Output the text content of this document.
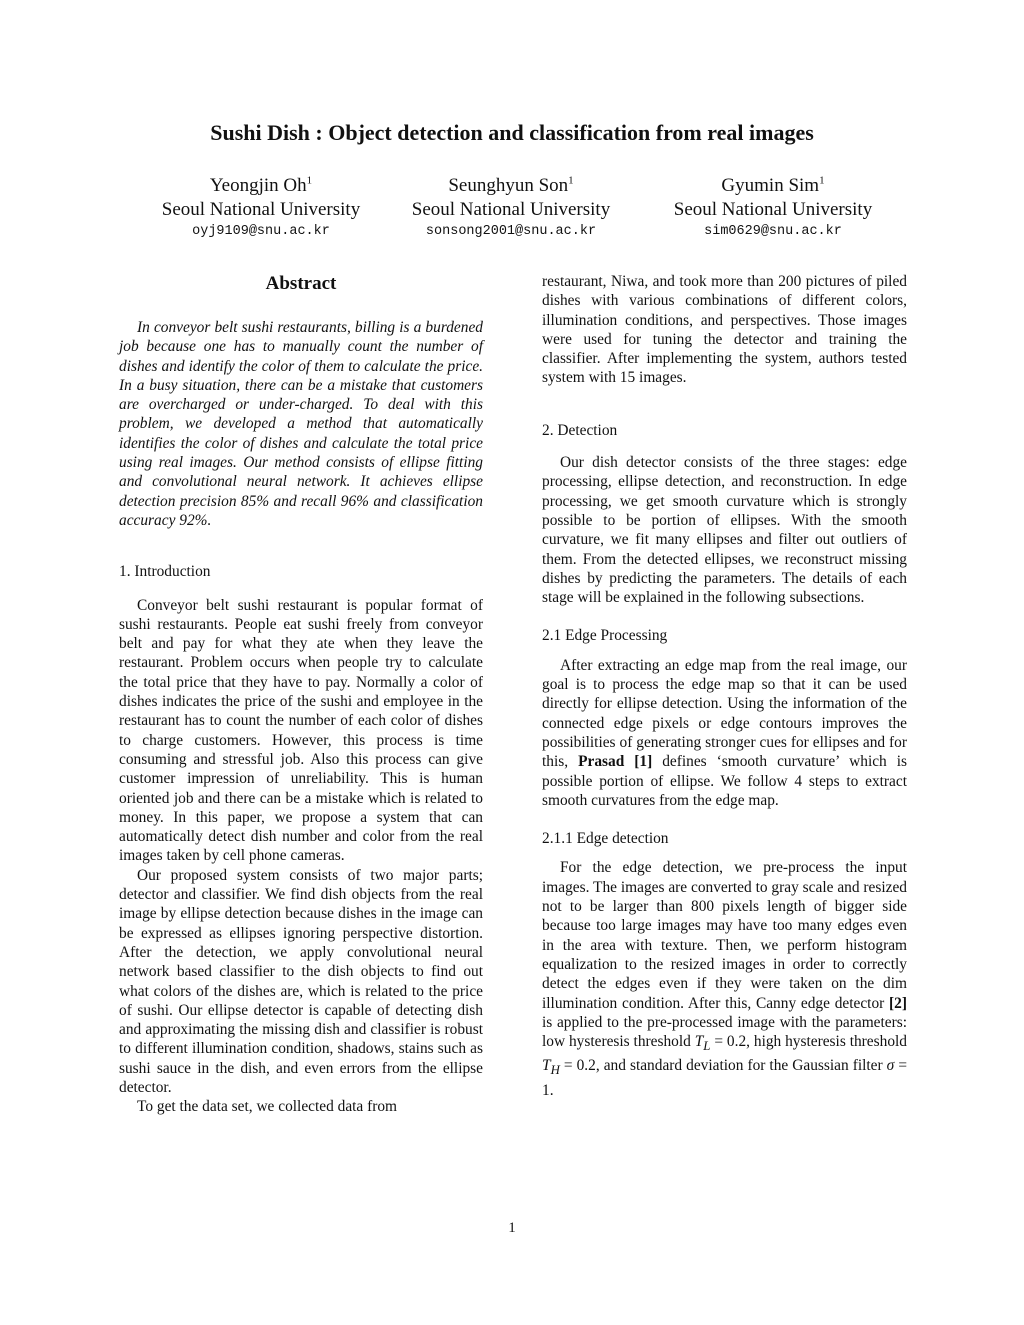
Sushi Dish : Object detection and classification from real images
Yeongjin Oh$^1$
Seoul National University
oyj9109@snu.ac.kr
Seunghyun Son$^1$
Seoul National University
sonsong2001@snu.ac.kr
Gyumin Sim$^1$
Seoul National University
sim0629@snu.ac.kr
Abstract

In conveyor belt sushi restaurants, billing is a burdened job because one has to manually count the number of dishes and identify the color of them to calculate the price. In a busy situation, there can be a mistake that customers are overcharged or under-charged. To deal with this problem, we developed a method that automatically identifies the color of dishes and calculate the total price using real images. Our method consists of ellipse fitting and convolutional neural network. It achieves ellipse detection precision 85% and recall 96% and classification accuracy 92%.

1. Introduction

Conveyor belt sushi restaurant is popular format of sushi restaurants. People eat sushi freely from conveyor belt and pay for what they ate when they leave the restaurant. Problem occurs when people try to calculate the total price that they have to pay. Normally a color of dishes indicates the price of the sushi and employee in the restaurant has to count the number of each color of dishes to charge customers. However, this process is time consuming and stressful job. Also this process can give customer impression of unreliability. This is human oriented job and there can be a mistake which is related to money. In this paper, we propose a system that can automatically detect dish number and color from the real images taken by cell phone cameras.

Our proposed system consists of two major parts; detector and classifier. We find dish objects from the real image by ellipse detection because dishes in the image can be expressed as ellipses ignoring perspective distortion. After the detection, we apply convolutional neural network based classifier to the dish objects to find out what colors of the dishes are, which is related to the price of sushi. Our ellipse detector is capable of detecting dish and approximating the missing dish and classifier is robust to different illumination condition, shadows, stains such as sushi sauce in the dish, and even errors from the ellipse detector.

To get the data set, we collected data from

restaurant, Niwa, and took more than 200 pictures of piled dishes with various combinations of different colors, illumination conditions, and perspectives. Those images were used for tuning the detector and training the classifier. After implementing the system, authors tested system with 15 images.

2. Detection

Our dish detector consists of the three stages: edge processing, ellipse detection, and reconstruction. In edge processing, we get smooth curvature which is strongly possible to be portion of ellipses. With the smooth curvature, we fit many ellipses and filter out outliers of them. From the detected ellipses, we reconstruct missing dishes by predicting the parameters. The details of each stage will be explained in the following subsections.

2.1 Edge Processing

After extracting an edge map from the real image, our goal is to process the edge map so that it can be used directly for ellipse detection. Using the information of the connected edge pixels or edge contours improves the possibilities of generating stronger cues for ellipses and for this, Prasad [1] defines ‘smooth curvature’ which is possible portion of ellipse. We follow 4 steps to extract smooth curvatures from the edge map.

2.1.1 Edge detection

For the edge detection, we pre-process the input images. The images are converted to gray scale and resized not to be larger than 800 pixels length of bigger side because too large images may have too many edges even in the area with texture. Then, we perform histogram equalization to the resized images in order to correctly detect the edges even if they were taken on the dim illumination condition. After this, Canny edge detector [2] is applied to the pre-processed image with the parameters: low hysteresis threshold $T_L = 0.2$, high hysteresis threshold $T_H = 0.2$, and standard deviation for the Gaussian filter σ = 1.

1
